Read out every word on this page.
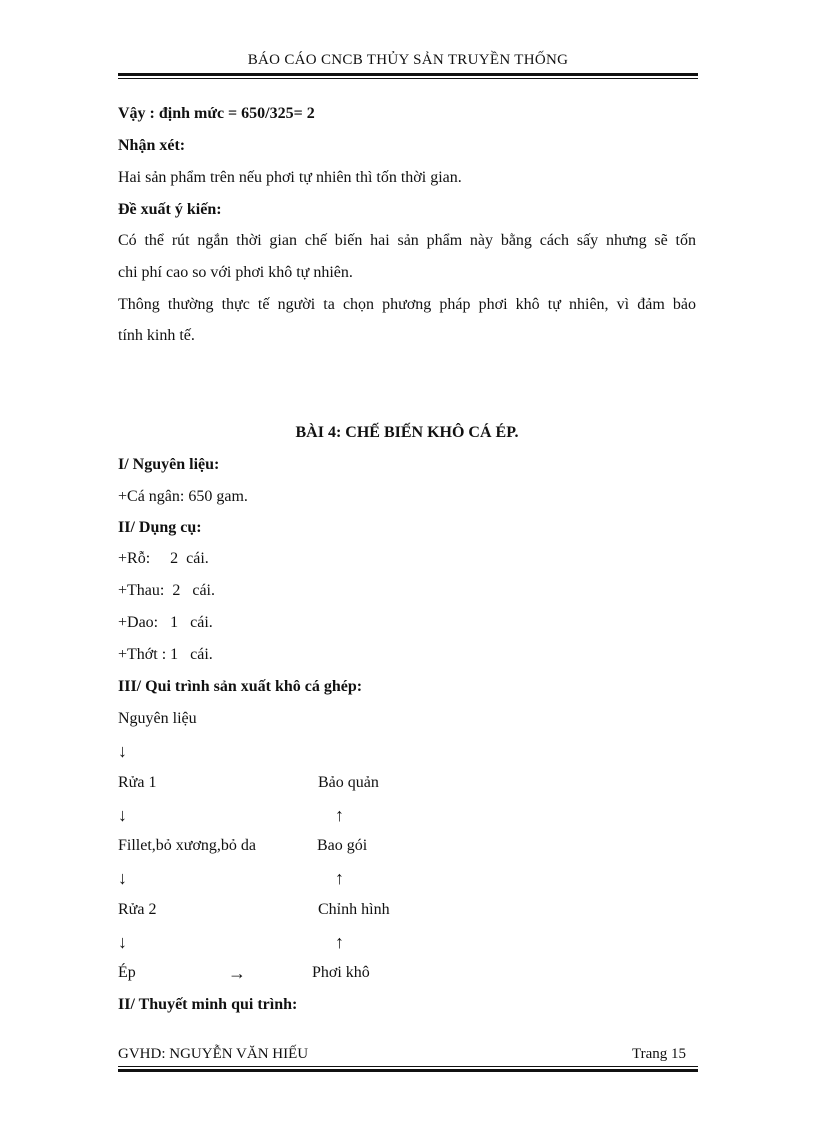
BÁO CÁO CNCB THỦY SẢN TRUYỀN THỐNG
Vậy : định mức = 650/325= 2
Nhận xét:
Hai sản phẩm trên nếu phơi tự nhiên thì tốn thời gian.
Đề xuất ý kiến:
Có thể rút ngắn thời gian chế biến hai sản phẩm này bằng cách sấy nhưng sẽ tốn
chi phí cao so với phơi khô tự nhiên.
Thông thường thực tế người ta chọn phương pháp phơi khô tự nhiên, vì đảm bảo
tính kinh tế.
BÀI 4: CHẾ BIẾN KHÔ CÁ ÉP.
I/ Nguyên liệu:
+Cá ngân: 650 gam.
II/ Dụng cụ:
+Rỗ:     2  cái.
+Thau:  2   cái.
+Dao:   1   cái.
+Thớt : 1   cái.
III/ Qui trình sản xuất khô cá ghép:
Nguyên liệu
↓
Rửa 1	Bảo quản
↓	↑
Fillet,bỏ xương,bỏ da	Bao gói
↓	↑
Rửa 2	Chỉnh hình
↓	↑
Ép	→	Phơi khô
II/ Thuyết minh qui trình:
GVHD: NGUYỄN VĂN HIẾU	Trang 15
